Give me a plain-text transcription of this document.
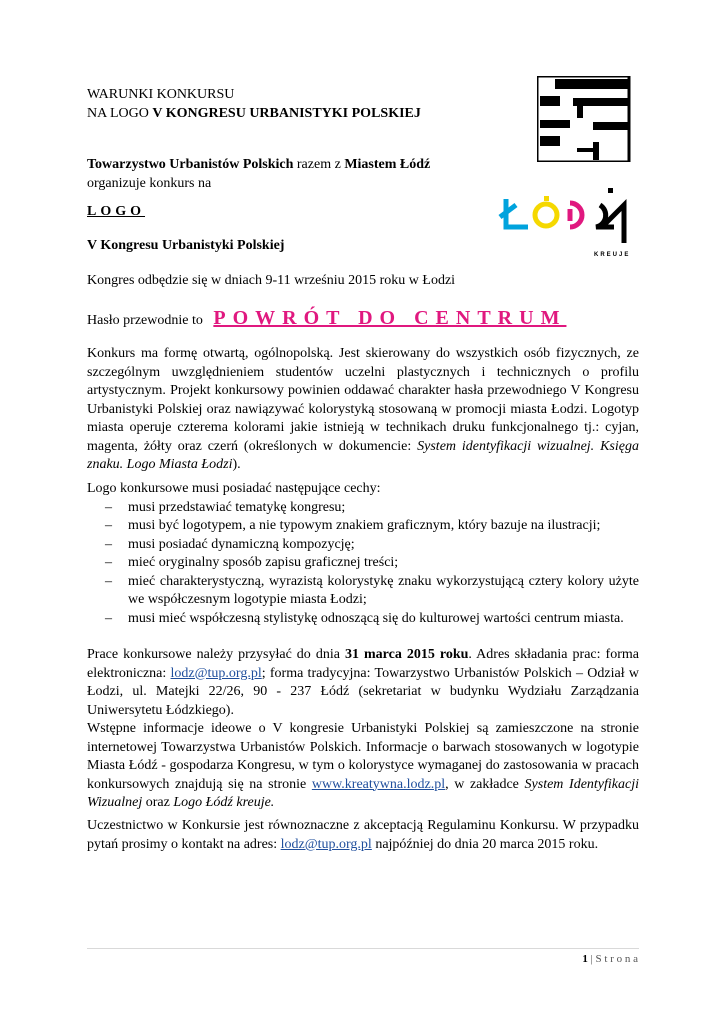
WARUNKI KONKURSU
NA LOGO V KONGRESU URBANISTYKI POLSKIEJ
Towarzystwo Urbanistów Polskich razem z Miastem Łódź
organizuje konkurs na
LOGO
KREUJE
V Kongresu Urbanistyki Polskiej
Kongres odbędzie się w dniach 9-11 wrześniu 2015 roku w Łodzi
Hasło przewodnie to POWRÓT DO CENTRUM
Konkurs ma formę otwartą, ogólnopolską. Jest skierowany do wszystkich osób fizycznych, ze szczególnym uwzględnieniem studentów uczelni plastycznych i technicznych o profilu artystycznym. Projekt konkursowy powinien oddawać charakter hasła przewodniego V Kongresu Urbanistyki Polskiej oraz nawiązywać kolorystyką stosowaną w promocji miasta Łodzi. Logotyp miasta operuje czterema kolorami jakie istnieją w technikach druku funkcjonalnego tj.: cyjan, magenta, żółty oraz czerń (określonych w dokumencie: System identyfikacji wizualnej. Księga znaku. Logo Miasta Łodzi).
Logo konkursowe musi posiadać następujące cechy:
– musi przedstawiać tematykę kongresu;
– musi być logotypem, a nie typowym znakiem graficznym, który bazuje na ilustracji;
– musi posiadać dynamiczną kompozycję;
– mieć oryginalny sposób zapisu graficznej treści;
– mieć charakterystyczną, wyrazistą kolorystykę znaku wykorzystującą cztery kolory użyte we współczesnym logotypie miasta Łodzi;
– musi mieć współczesną stylistykę odnoszącą się do kulturowej wartości centrum miasta.
Prace konkursowe należy przysyłać do dnia 31 marca 2015 roku. Adres składania prac: forma elektroniczna: lodz@tup.org.pl; forma tradycyjna: Towarzystwo Urbanistów Polskich – Odział w Łodzi, ul. Matejki 22/26, 90 - 237 Łódź (sekretariat w budynku Wydziału Zarządzania Uniwersytetu Łódzkiego).
Wstępne informacje ideowe o V kongresie Urbanistyki Polskiej są zamieszczone na stronie internetowej Towarzystwa Urbanistów Polskich. Informacje o barwach stosowanych w logotypie Miasta Łódź - gospodarza Kongresu, w tym o kolorystyce wymaganej do zastosowania w pracach konkursowych znajdują się na stronie www.kreatywna.lodz.pl, w zakładce System Identyfikacji Wizualnej oraz Logo Łódź kreuje.
Uczestnictwo w Konkursie jest równoznaczne z akceptacją Regulaminu Konkursu. W przypadku pytań prosimy o kontakt na adres: lodz@tup.org.pl najpóźniej do dnia 20 marca 2015 roku.
1 | S t r o n a
